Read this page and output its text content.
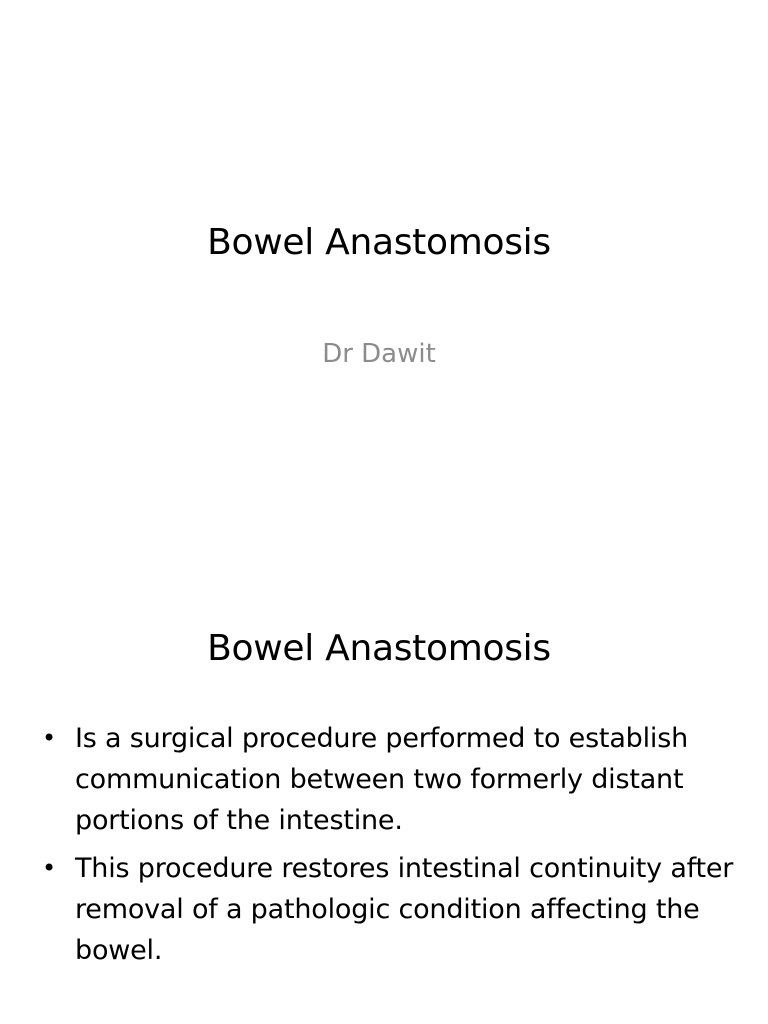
Bowel Anastomosis

Dr Dawit

Bowel Anastomosis
• Is a surgical procedure performed to establish communication between two formerly distant portions of the intestine.
• This procedure restores intestinal continuity after removal of a pathologic condition affecting the bowel.
